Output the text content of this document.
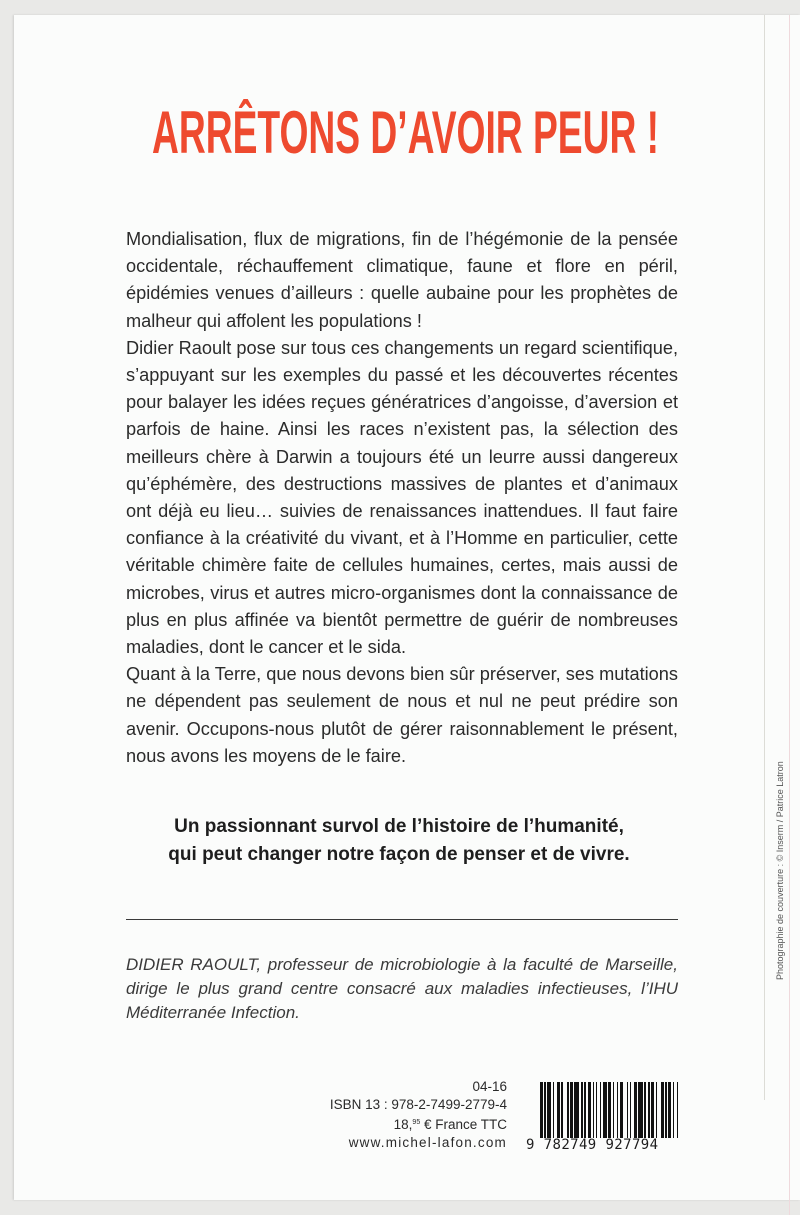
ARRÊTONS D’AVOIR PEUR !

Mondialisation, flux de migrations, fin de l’hégémonie de la pensée occidentale, réchauffement climatique, faune et flore en péril, épidémies venues d’ailleurs : quelle aubaine pour les prophètes de malheur qui affolent les populations !

Didier Raoult pose sur tous ces changements un regard scientifique, s’appuyant sur les exemples du passé et les découvertes récentes pour balayer les idées reçues génératrices d’angoisse, d’aversion et parfois de haine. Ainsi les races n’existent pas, la sélection des meilleurs chère à Darwin a toujours été un leurre aussi dangereux qu’éphémère, des destructions massives de plantes et d’animaux ont déjà eu lieu… suivies de renaissances inattendues. Il faut faire confiance à la créativité du vivant, et à l’Homme en particulier, cette véritable chimère faite de cellules humaines, certes, mais aussi de microbes, virus et autres micro-organismes dont la connaissance de plus en plus affinée va bientôt permettre de guérir de nombreuses maladies, dont le cancer et le sida.

Quant à la Terre, que nous devons bien sûr préserver, ses mutations ne dépendent pas seulement de nous et nul ne peut prédire son avenir. Occupons-nous plutôt de gérer raisonnablement le présent, nous avons les moyens de le faire.

Un passionnant survol de l’histoire de l’humanité,
qui peut changer notre façon de penser et de vivre.

DIDIER RAOULT, professeur de microbiologie à la faculté de Marseille, dirige le plus grand centre consacré aux maladies infectieuses, l’IHU Méditerranée Infection.

04-16
ISBN 13 : 978-2-7499-2779-4
18,95 € France TTC
www.michel-lafon.com 9 782749 927794
Photographie de couverture : © Inserm / Patrice Latron
